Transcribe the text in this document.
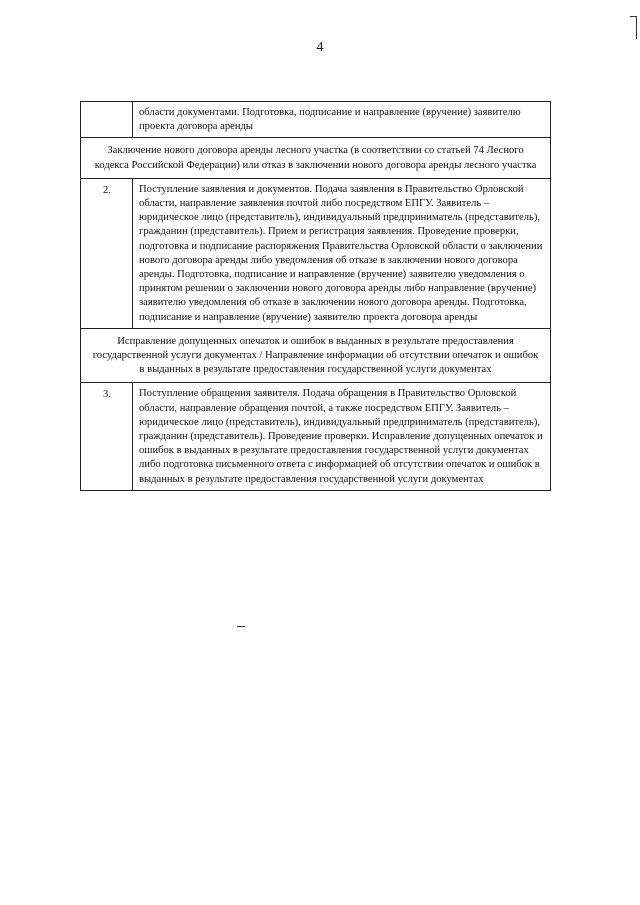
4
	области документами. Подготовка, подписание и направление (вручение) заявителю проекта договора аренды
Заключение нового договора аренды лесного участка (в соответствии со статьей 74 Лесного кодекса Российской Федерации) или отказ в заключении нового договора аренды лесного участка	
2.	Поступление заявления и документов. Подача заявления в Правительство Орловской области, направление заявления почтой либо посредством ЕПГУ. Заявитель – юридическое лицо (представитель), индивидуальный предприниматель (представитель), гражданин (представитель). Прием и регистрация заявления. Проведение проверки, подготовка и подписание распоряжения Правительства Орловской области о заключении нового договора аренды либо уведомления об отказе в заключении нового договора аренды. Подготовка, подписание и направление (вручение) заявителю уведомления о принятом решении о заключении нового договора аренды либо направление (вручение) заявителю уведомления об отказе в заключении нового договора аренды. Подготовка, подписание и направление (вручение) заявителю проекта договора аренды
Исправление допущенных опечаток и ошибок в выданных в результате предоставления государственной услуги документах / Направление информации об отсутствии опечаток и ошибок в выданных в результате предоставления государственной услуги документах	
3.	Поступление обращения заявителя. Подача обращения в Правительство Орловской области, направление обращения почтой, а также посредством ЕПГУ. Заявитель – юридическое лицо (представитель), индивидуальный предприниматель (представитель), гражданин (представитель). Проведение проверки. Исправление допущенных опечаток и ошибок в выданных в результате предоставления государственной услуги документах либо подготовка письменного ответа с информацией об отсутствии опечаток и ошибок в выданных в результате предоставления государственной услуги документах
